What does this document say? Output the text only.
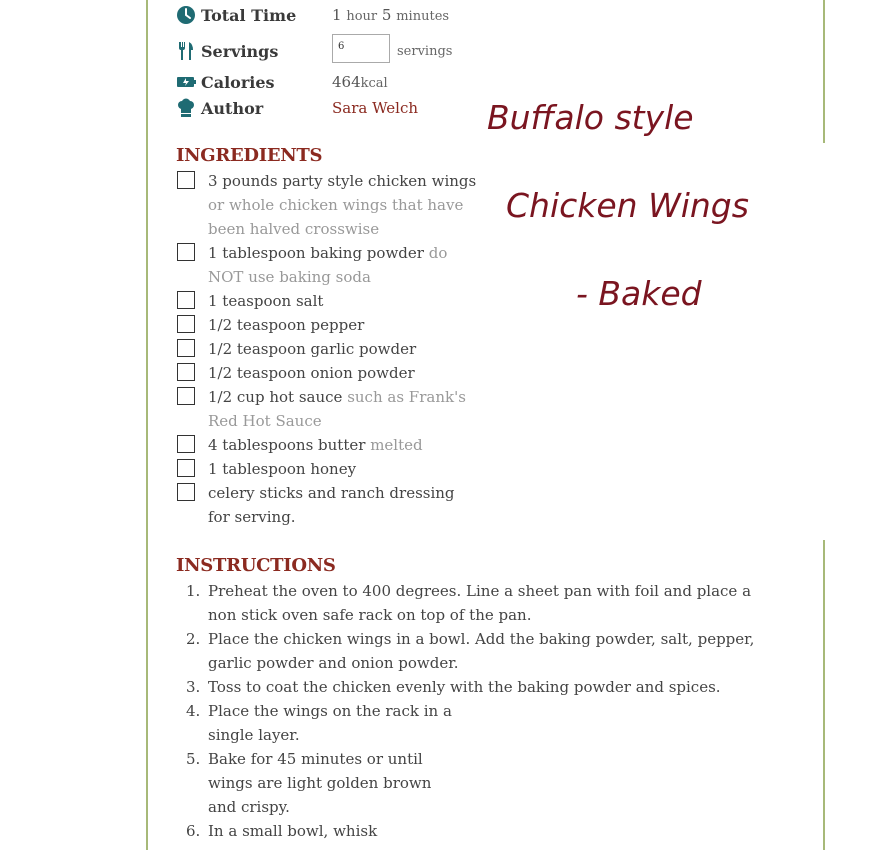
Total Time 1 hour 5 minutes
Servings	6	servings
Calories	464kcal
Author	Sara Welch
INGREDIENTS
3 pounds party style chicken wings or whole chicken wings that have been halved crosswise
1 tablespoon baking powder do NOT use baking soda
1 teaspoon salt
1/2 teaspoon pepper
1/2 teaspoon garlic powder
1/2 teaspoon onion powder
1/2 cup hot sauce such as Frank's Red Hot Sauce
4 tablespoons butter melted
1 tablespoon honey
celery sticks and ranch dressing for serving.
INSTRUCTIONS
1. Preheat the oven to 400 degrees. Line a sheet pan with foil and place a non stick oven safe rack on top of the pan.
2. Place the chicken wings in a bowl. Add the baking powder, salt, pepper, garlic powder and onion powder.
3. Toss to coat the chicken evenly with the baking powder and spices.
4. Place the wings on the rack in a single layer.
5. Bake for 45 minutes or until wings are light golden brown and crispy.
6. In a small bowl, whisk
Buffalo style
Chicken Wings
- Baked
